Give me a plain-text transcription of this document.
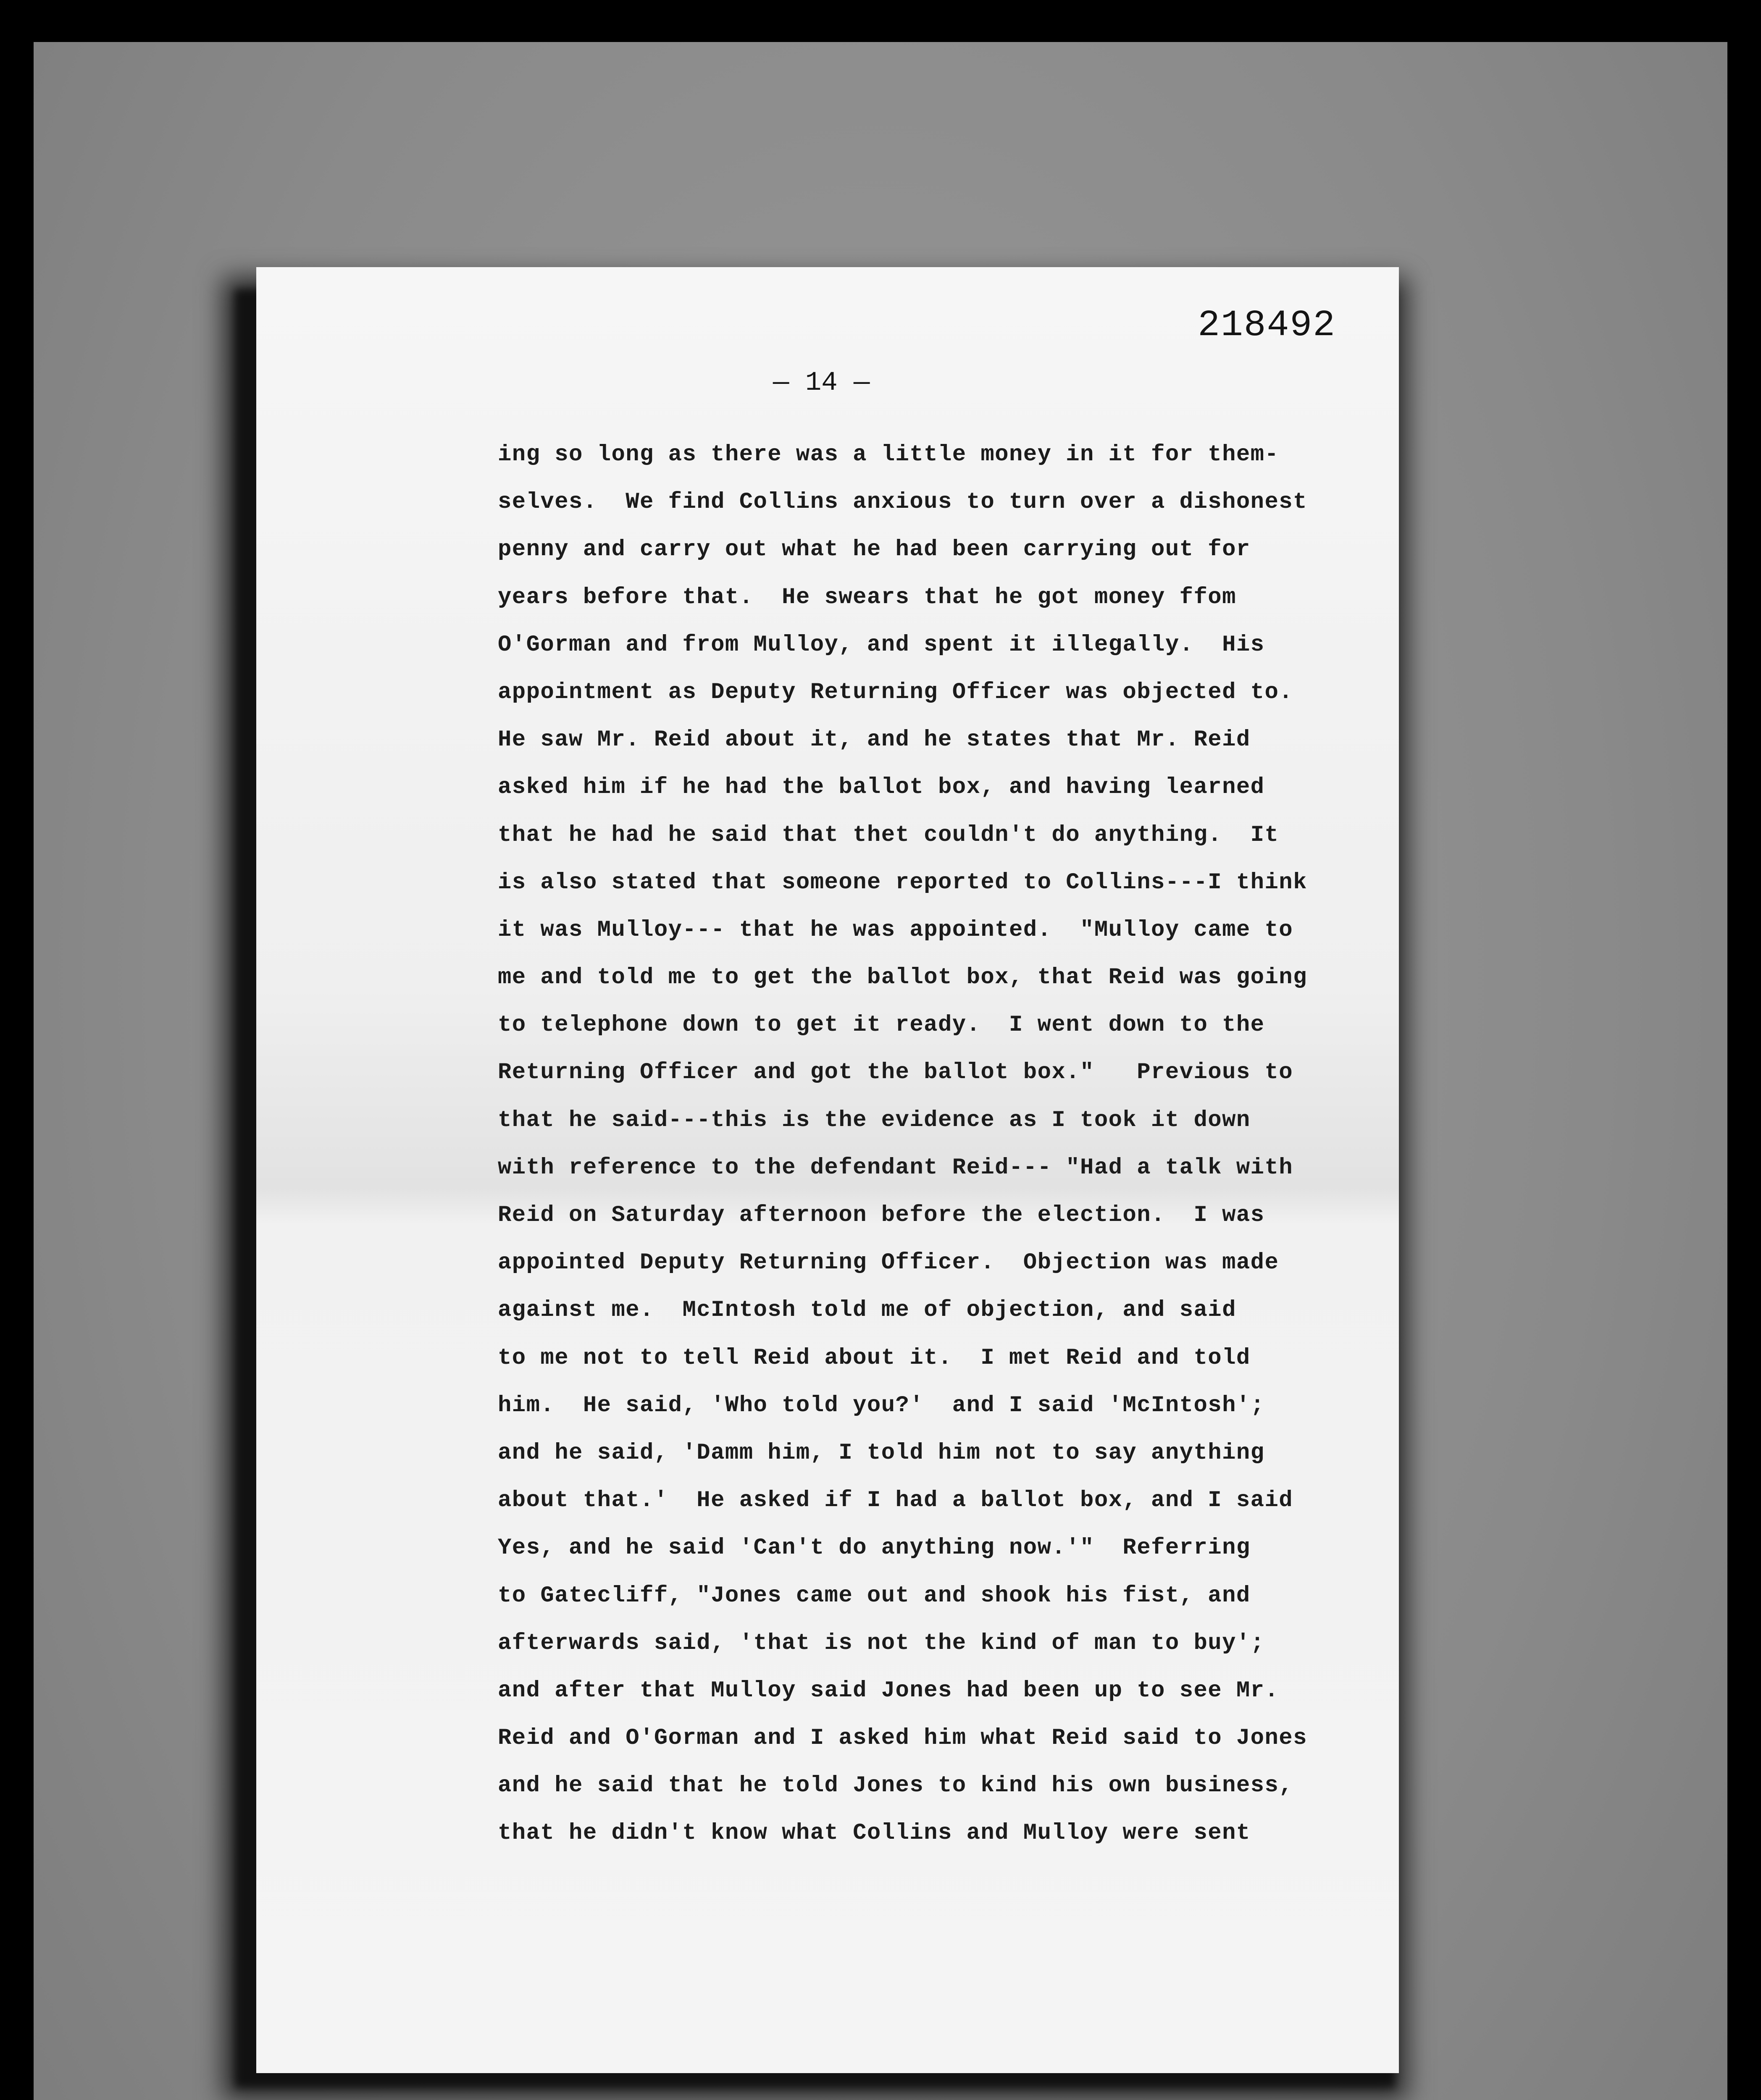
218492
— 14 —
ing so long as there was a little money in it for them-
selves.  We find Collins anxious to turn over a dishonest
penny and carry out what he had been carrying out for
years before that.  He swears that he got money ffom
O'Gorman and from Mulloy, and spent it illegally.  His
appointment as Deputy Returning Officer was objected to.
He saw Mr. Reid about it, and he states that Mr. Reid
asked him if he had the ballot box, and having learned
that he had he said that thet couldn't do anything.  It
is also stated that someone reported to Collins---I think
it was Mulloy--- that he was appointed.  "Mulloy came to
me and told me to get the ballot box, that Reid was going
to telephone down to get it ready.  I went down to the
Returning Officer and got the ballot box."   Previous to
that he said---this is the evidence as I took it down
with reference to the defendant Reid--- "Had a talk with
Reid on Saturday afternoon before the election.  I was
appointed Deputy Returning Officer.  Objection was made
against me.  McIntosh told me of objection, and said
to me not to tell Reid about it.  I met Reid and told
him.  He said, 'Who told you?'  and I said 'McIntosh';
and he said, 'Damm him, I told him not to say anything
about that.'  He asked if I had a ballot box, and I said
Yes, and he said 'Can't do anything now.'"  Referring
to Gatecliff, "Jones came out and shook his fist, and
afterwards said, 'that is not the kind of man to buy';
and after that Mulloy said Jones had been up to see Mr.
Reid and O'Gorman and I asked him what Reid said to Jones
and he said that he told Jones to kind his own business,
that he didn't know what Collins and Mulloy were sent
